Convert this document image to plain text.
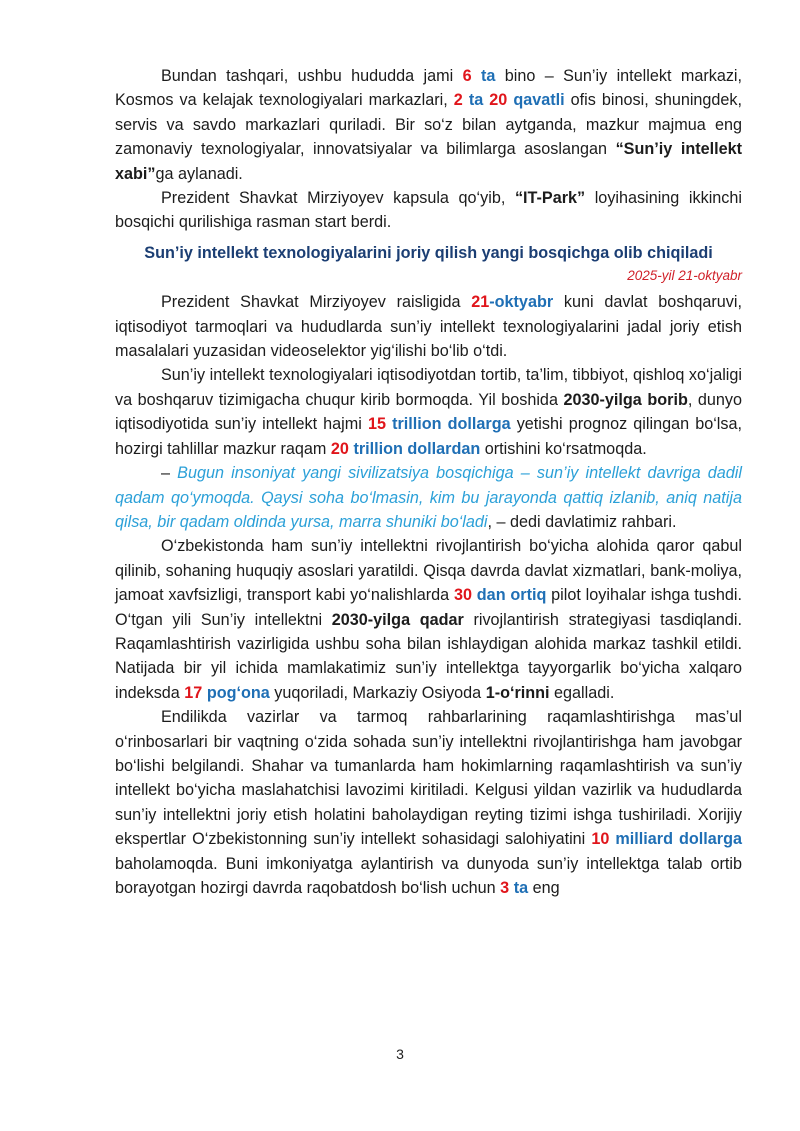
Bundan tashqari, ushbu hududda jami 6 ta bino – Sun’iy intellekt markazi, Kosmos va kelajak texnologiyalari markazlari, 2 ta 20 qavatli ofis binosi, shuningdek, servis va savdo markazlari quriladi. Bir so‘z bilan aytganda, mazkur majmua eng zamonaviy texnologiyalar, innovatsiyalar va bilimlarga asoslangan “Sun’iy intellekt xabi”ga aylanadi.

Prezident Shavkat Mirziyoyev kapsula qo‘yib, “IT-Park” loyihasining ikkinchi bosqichi qurilishiga rasman start berdi.

Sun’iy intellekt texnologiyalarini joriy qilish yangi bosqichga olib chiqiladi

2025-yil 21-oktyabr

Prezident Shavkat Mirziyoyev raisligida 21-oktyabr kuni davlat boshqaruvi, iqtisodiyot tarmoqlari va hududlarda sun’iy intellekt texnologiyalarini jadal joriy etish masalalari yuzasidan videoselektor yig‘ilishi bo‘lib o‘tdi.

Sun’iy intellekt texnologiyalari iqtisodiyotdan tortib, ta’lim, tibbiyot, qishloq xo‘jaligi va boshqaruv tizimigacha chuqur kirib bormoqda. Yil boshida 2030-yilga borib, dunyo iqtisodiyotida sun’iy intellekt hajmi 15 trillion dollarga yetishi prognoz qilingan bo‘lsa, hozirgi tahlillar mazkur raqam 20 trillion dollardan ortishini ko‘rsatmoqda.

– Bugun insoniyat yangi sivilizatsiya bosqichiga – sun’iy intellekt davriga dadil qadam qo‘ymoqda. Qaysi soha bo‘lmasin, kim bu jarayonda qattiq izlanib, aniq natija qilsa, bir qadam oldinda yursa, marra shuniki bo‘ladi, – dedi davlatimiz rahbari.

O‘zbekistonda ham sun’iy intellektni rivojlantirish bo‘yicha alohida qaror qabul qilinib, sohaning huquqiy asoslari yaratildi. Qisqa davrda davlat xizmatlari, bank-moliya, jamoat xavfsizligi, transport kabi yo‘nalishlarda 30 dan ortiq pilot loyihalar ishga tushdi. O‘tgan yili Sun’iy intellektni 2030-yilga qadar rivojlantirish strategiyasi tasdiqlandi. Raqamlashtirish vazirligida ushbu soha bilan ishlaydigan alohida markaz tashkil etildi. Natijada bir yil ichida mamlakatimiz sun’iy intellektga tayyorgarlik bo‘yicha xalqaro indeksda 17 pog‘ona yuqoriladi, Markaziy Osiyoda 1-o‘rinni egalladi.

Endilikda vazirlar va tarmoq rahbarlarining raqamlashtirishga mas’ul o‘rinbosarlari bir vaqtning o‘zida sohada sun’iy intellektni rivojlantirishga ham javobgar bo‘lishi belgilandi. Shahar va tumanlarda ham hokimlarning raqamlashtirish va sun’iy intellekt bo‘yicha maslahatchisi lavozimi kiritiladi. Kelgusi yildan vazirlik va hududlarda sun’iy intellektni joriy etish holatini baholaydigan reyting tizimi ishga tushiriladi. Xorijiy ekspertlar O‘zbekistonning sun’iy intellekt sohasidagi salohiyatini 10 milliard dollarga baholamoqda. Buni imkoniyatga aylantirish va dunyoda sun’iy intellektga talab ortib borayotgan hozirgi davrda raqobatdosh bo‘lish uchun 3 ta eng

3
